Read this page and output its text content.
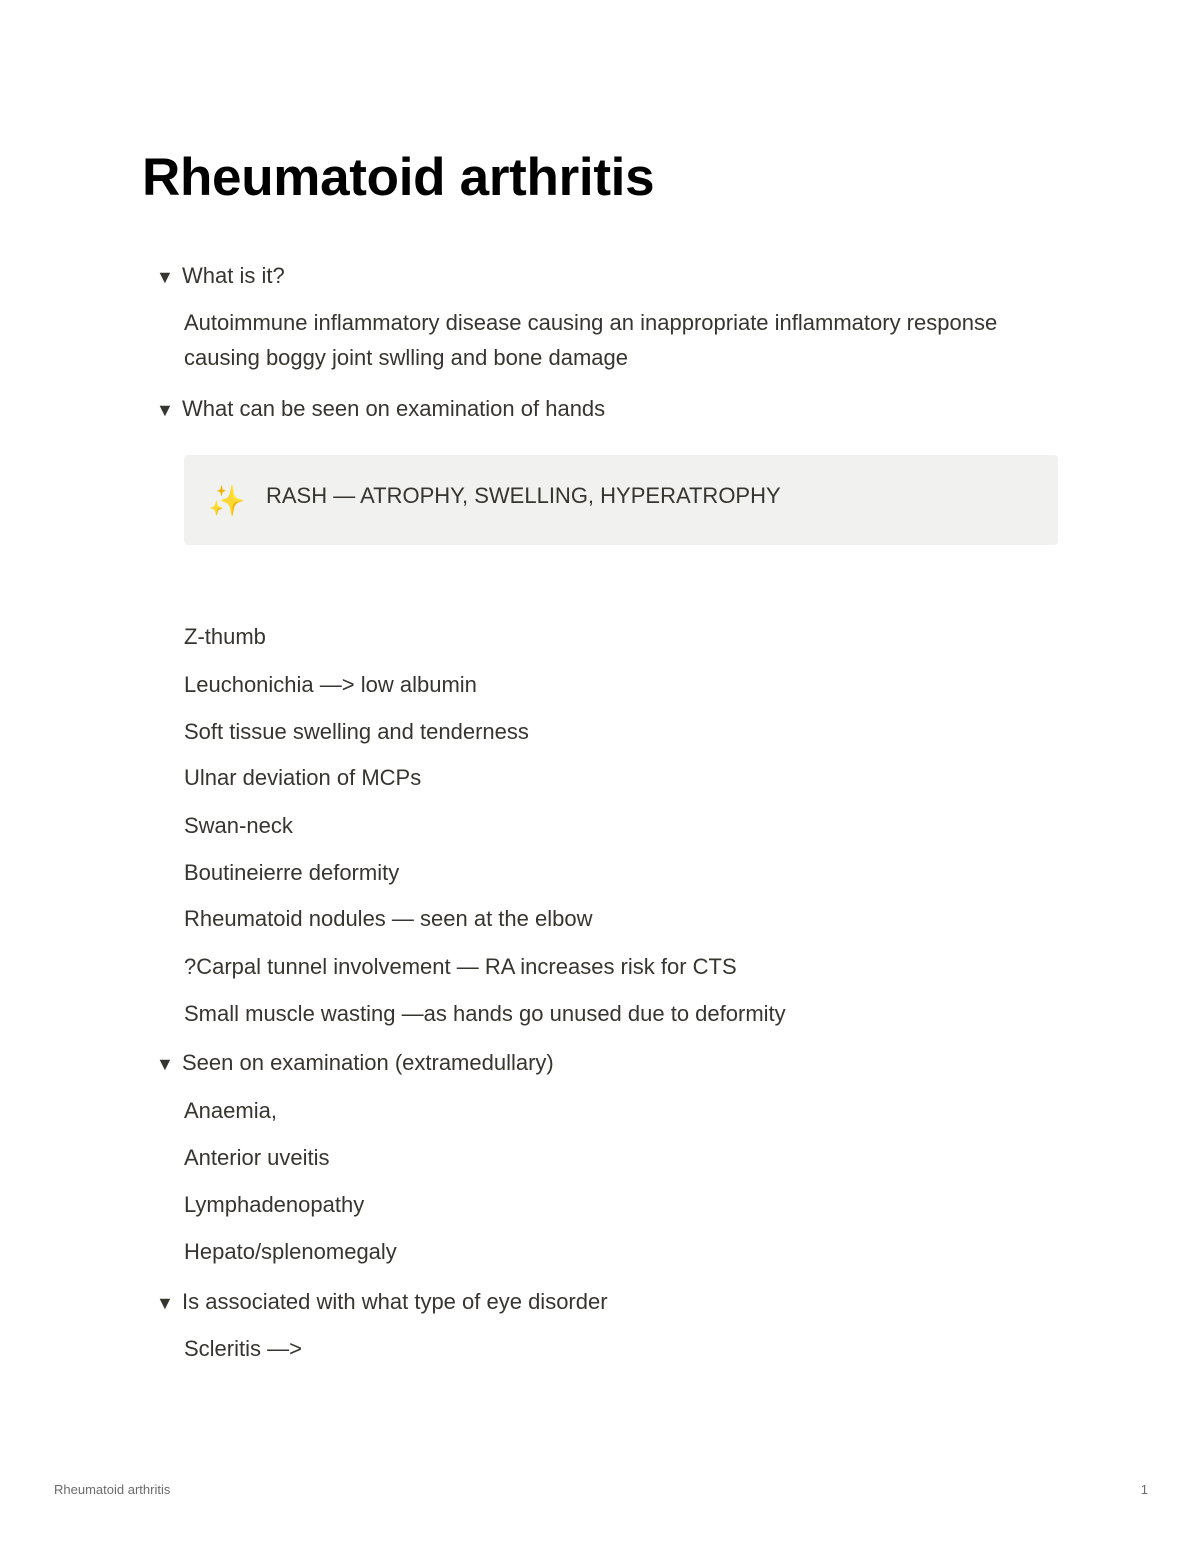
Rheumatoid arthritis
▼ What is it?
Autoimmune inflammatory disease causing an inappropriate inflammatory response
causing boggy joint swlling and bone damage
▼ What can be seen on examination of hands
✨ RASH — ATROPHY, SWELLING, HYPERATROPHY
Z-thumb
Leuchonichia —> low albumin
Soft tissue swelling and tenderness
Ulnar deviation of MCPs
Swan-neck
Boutineierre deformity
Rheumatoid nodules — seen at the elbow
?Carpal tunnel involvement — RA increases risk for CTS
Small muscle wasting —as hands go unused due to deformity
▼ Seen on examination (extramedullary)
Anaemia,
Anterior uveitis
Lymphadenopathy
Hepato/splenomegaly
▼ Is associated with what type of eye disorder
Scleritis —>
Rheumatoid arthritis	1
